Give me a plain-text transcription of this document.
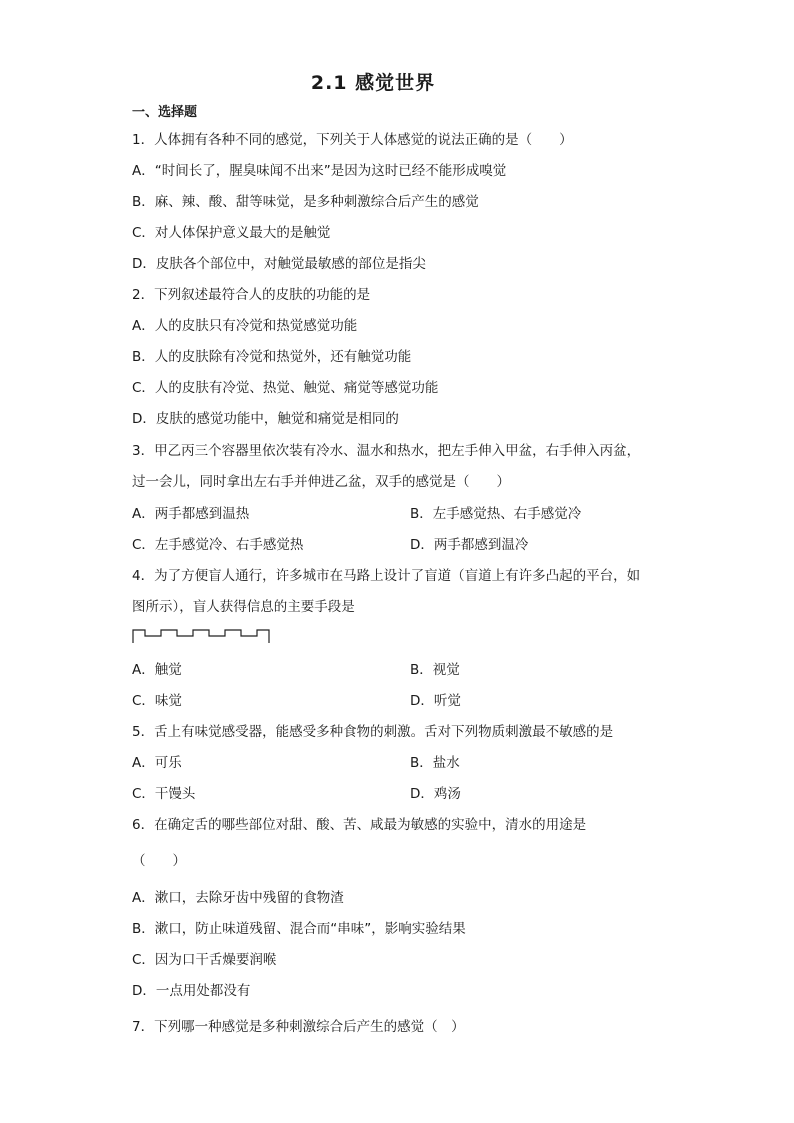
2.1 感觉世界
一、选择题
1．人体拥有各种不同的感觉，下列关于人体感觉的说法正确的是（　　）
A．“时间长了，腥臭味闻不出来”是因为这时已经不能形成嗅觉
B．麻、辣、酸、甜等味觉，是多种刺激综合后产生的感觉
C．对人体保护意义最大的是触觉
D．皮肤各个部位中，对触觉最敏感的部位是指尖
2．下列叙述最符合人的皮肤的功能的是
A．人的皮肤只有冷觉和热觉感觉功能
B．人的皮肤除有冷觉和热觉外，还有触觉功能
C．人的皮肤有冷觉、热觉、触觉、痛觉等感觉功能
D．皮肤的感觉功能中，触觉和痛觉是相同的
3．甲乙丙三个容器里依次装有冷水、温水和热水，把左手伸入甲盆，右手伸入丙盆，
过一会儿，同时拿出左右手并伸进乙盆，双手的感觉是（　　）
A．两手都感到温热	B．左手感觉热、右手感觉冷
C．左手感觉冷、右手感觉热	D．两手都感到温冷
4．为了方便盲人通行，许多城市在马路上设计了盲道（盲道上有许多凸起的平台，如
图所示），盲人获得信息的主要手段是
A．触觉	B．视觉
C．味觉	D．听觉
5．舌上有味觉感受器，能感受多种食物的刺激。舌对下列物质刺激最不敏感的是
A．可乐	B．盐水
C．干馒头	D．鸡汤
6．在确定舌的哪些部位对甜、酸、苦、咸最为敏感的实验中，清水的用途是
（　　）
A．漱口，去除牙齿中残留的食物渣
B．漱口，防止味道残留、混合而“串味”，影响实验结果
C．因为口干舌燥要润喉
D．一点用处都没有
7．下列哪一种感觉是多种刺激综合后产生的感觉（　）
